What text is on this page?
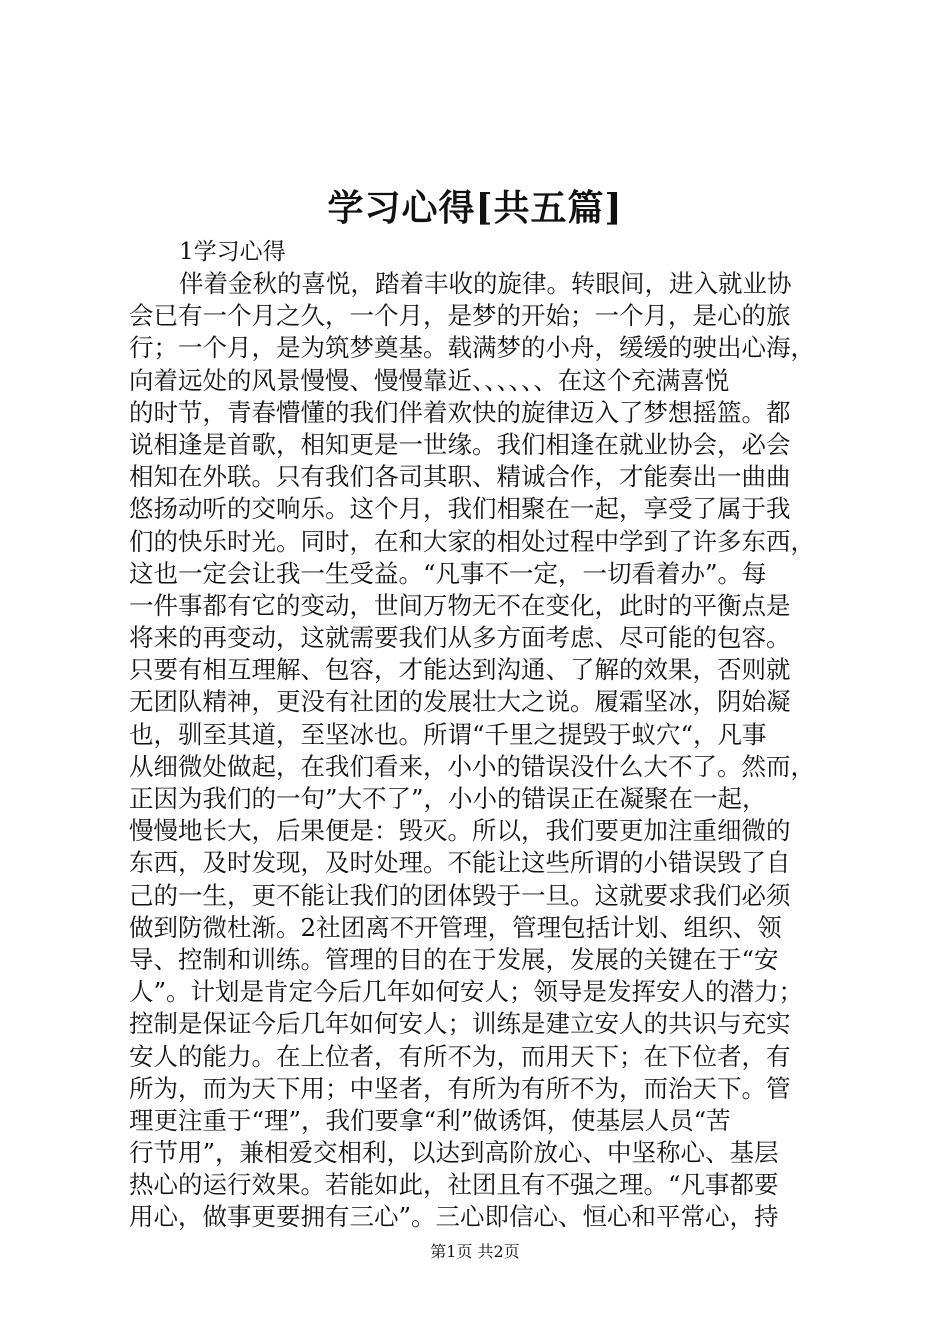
学习心得[共五篇]

1学习心得

伴着金秋的喜悦，踏着丰收的旋律。转眼间，进入就业协
会已有一个月之久，一个月，是梦的开始；一个月，是心的旅
行；一个月，是为筑梦奠基。载满梦的小舟，缓缓的驶出心海，
向着远处的风景慢慢、慢慢靠近、、、、、、在这个充满喜悦
的时节，青春懵懂的我们伴着欢快的旋律迈入了梦想摇篮。都
说相逢是首歌，相知更是一世缘。我们相逢在就业协会，必会
相知在外联。只有我们各司其职、精诚合作，才能奏出一曲曲
悠扬动听的交响乐。这个月，我们相聚在一起，享受了属于我
们的快乐时光。同时，在和大家的相处过程中学到了许多东西，
这也一定会让我一生受益。“凡事不一定，一切看着办”。每
一件事都有它的变动，世间万物无不在变化，此时的平衡点是
将来的再变动，这就需要我们从多方面考虑、尽可能的包容。
只要有相互理解、包容，才能达到沟通、了解的效果，否则就
无团队精神，更没有社团的发展壮大之说。履霜坚冰，阴始凝
也，驯至其道，至坚冰也。所谓“千里之提毁于蚁穴“，凡事
从细微处做起，在我们看来，小小的错误没什么大不了。然而，
正因为我们的一句”大不了”，小小的错误正在凝聚在一起，
慢慢地长大，后果便是：毁灭。所以，我们要更加注重细微的
东西，及时发现，及时处理。不能让这些所谓的小错误毁了自
己的一生，更不能让我们的团体毁于一旦。这就要求我们必须
做到防微杜渐。2社团离不开管理，管理包括计划、组织、领
导、控制和训练。管理的目的在于发展，发展的关键在于“安
人”。计划是肯定今后几年如何安人；领导是发挥安人的潜力；
控制是保证今后几年如何安人；训练是建立安人的共识与充实
安人的能力。在上位者，有所不为，而用天下；在下位者，有
所为，而为天下用；中坚者，有所为有所不为，而治天下。管
理更注重于“理”，我们要拿“利”做诱饵，使基层人员“苦
行节用”，兼相爱交相利，以达到高阶放心、中坚称心、基层
热心的运行效果。若能如此，社团且有不强之理。“凡事都要
用心，做事更要拥有三心”。三心即信心、恒心和平常心，持
第1页 共2页
